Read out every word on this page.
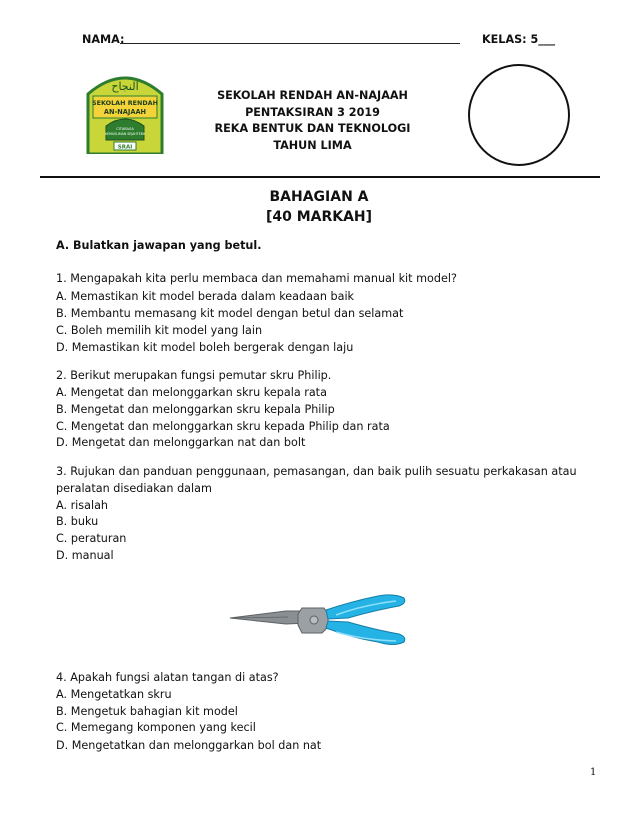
NAMA:	KELAS: 5___
النجاح
SEKOLAH RENDAH
AN-NAJAAH
CITARASA
KEMUSLIMAN SEJAHTERA
SRAI
SEKOLAH RENDAH AN-NAJAAH
PENTAKSIRAN 3 2019
REKA BENTUK DAN TEKNOLOGI
TAHUN LIMA
BAHAGIAN A
[40 MARKAH]
A. Bulatkan jawapan yang betul.
1. Mengapakah kita perlu membaca dan memahami manual kit model?
A. Memastikan kit model berada dalam keadaan baik
B. Membantu memasang kit model dengan betul dan selamat
C. Boleh memilih kit model yang lain
D. Memastikan kit model boleh bergerak dengan laju
2. Berikut merupakan fungsi pemutar skru Philip.
A. Mengetat dan melonggarkan skru kepala rata
B. Mengetat dan melonggarkan skru kepala Philip
C. Mengetat dan melonggarkan skru kepada Philip dan rata
D. Mengetat dan melonggarkan nat dan bolt
3. Rujukan dan panduan penggunaan, pemasangan, dan baik pulih sesuatu perkakasan atau
peralatan disediakan dalam
A. risalah
B. buku
C. peraturan
D. manual
4. Apakah fungsi alatan tangan di atas?
A. Mengetatkan skru
B. Mengetuk bahagian kit model
C. Memegang komponen yang kecil
D. Mengetatkan dan melonggarkan bol dan nat
1
